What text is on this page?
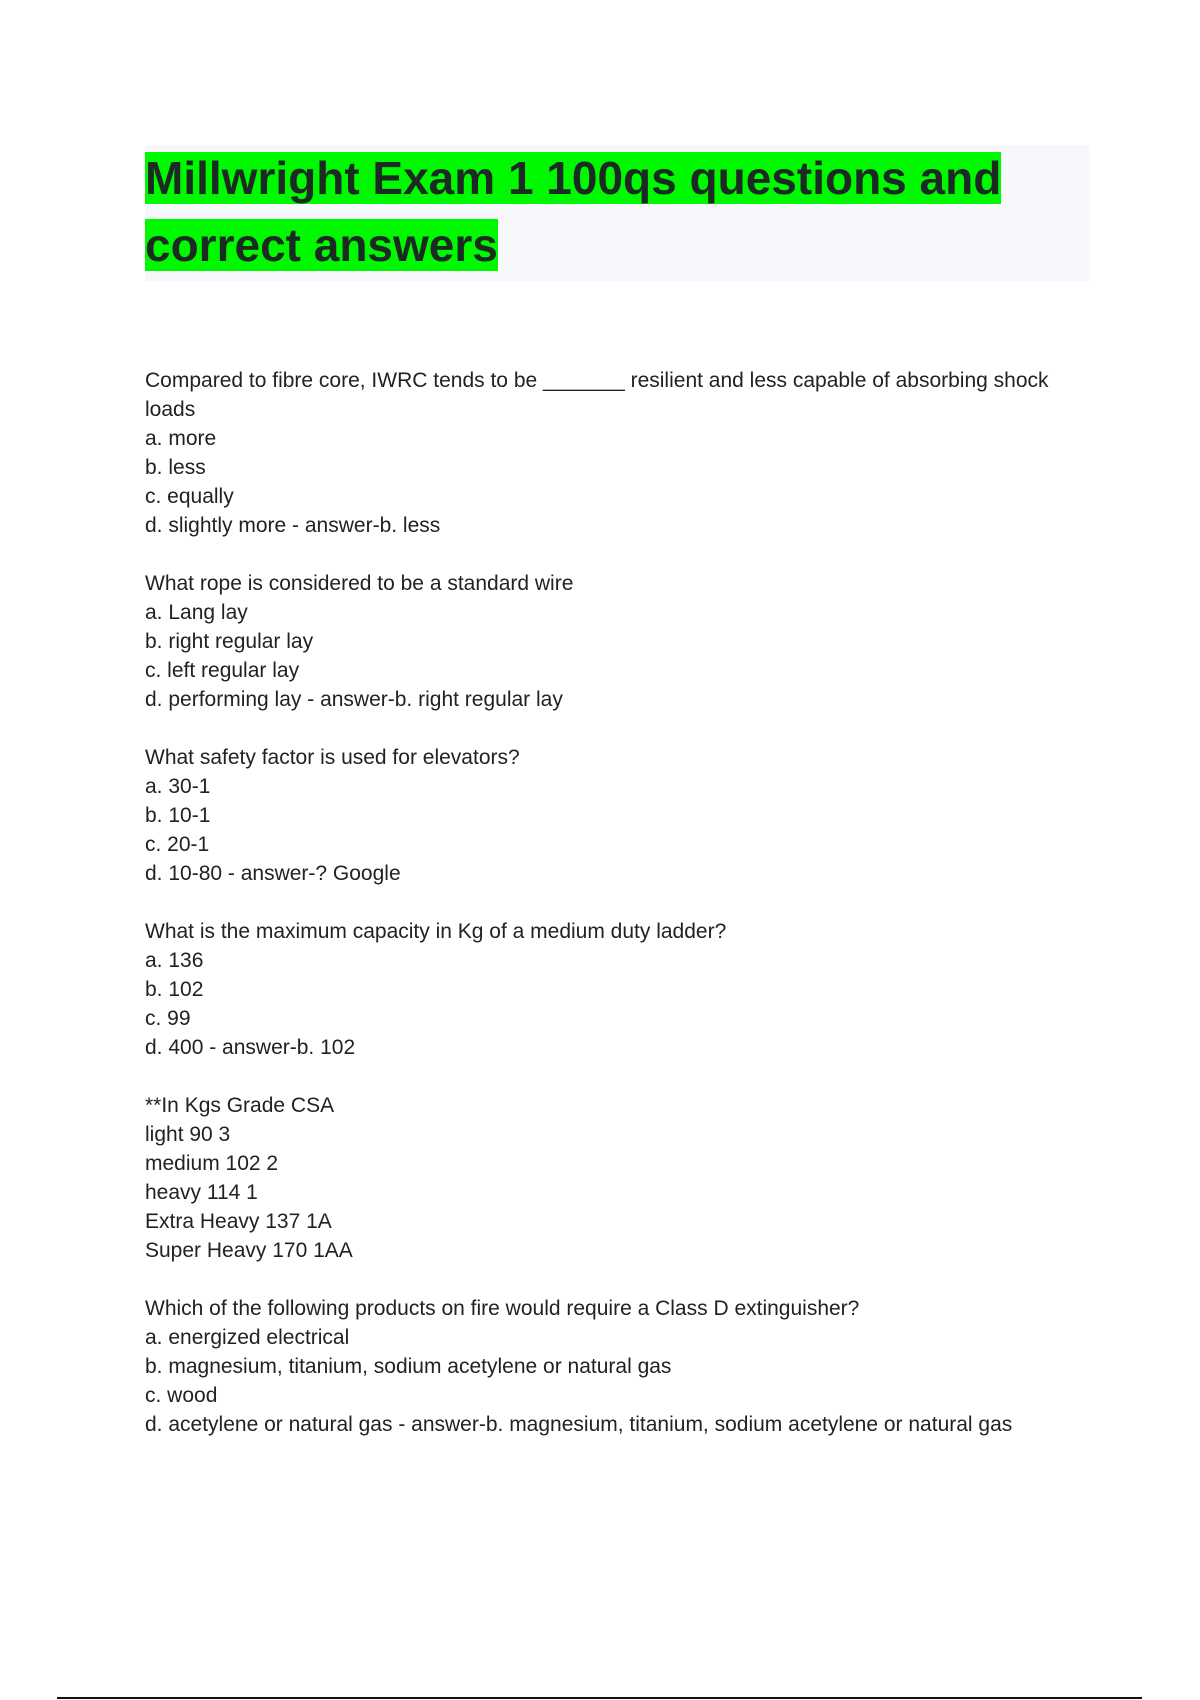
Millwright Exam 1 100qs questions and
correct answers
Compared to fibre core, IWRC tends to be _______ resilient and less capable of absorbing shock loads
a. more
b. less
c. equally
d. slightly more - answer-b. less
What rope is considered to be a standard wire
a. Lang lay
b. right regular lay
c. left regular lay
d. performing lay - answer-b. right regular lay
What safety factor is used for elevators?
a. 30-1
b. 10-1
c. 20-1
d. 10-80 - answer-? Google
What is the maximum capacity in Kg of a medium duty ladder?
a. 136
b. 102
c. 99
d. 400 - answer-b. 102
**In Kgs Grade CSA
light 90 3
medium 102 2
heavy 114 1
Extra Heavy 137 1A
Super Heavy 170 1AA
Which of the following products on fire would require a Class D extinguisher?
a. energized electrical
b. magnesium, titanium, sodium acetylene or natural gas
c. wood
d. acetylene or natural gas - answer-b. magnesium, titanium, sodium acetylene or natural gas
